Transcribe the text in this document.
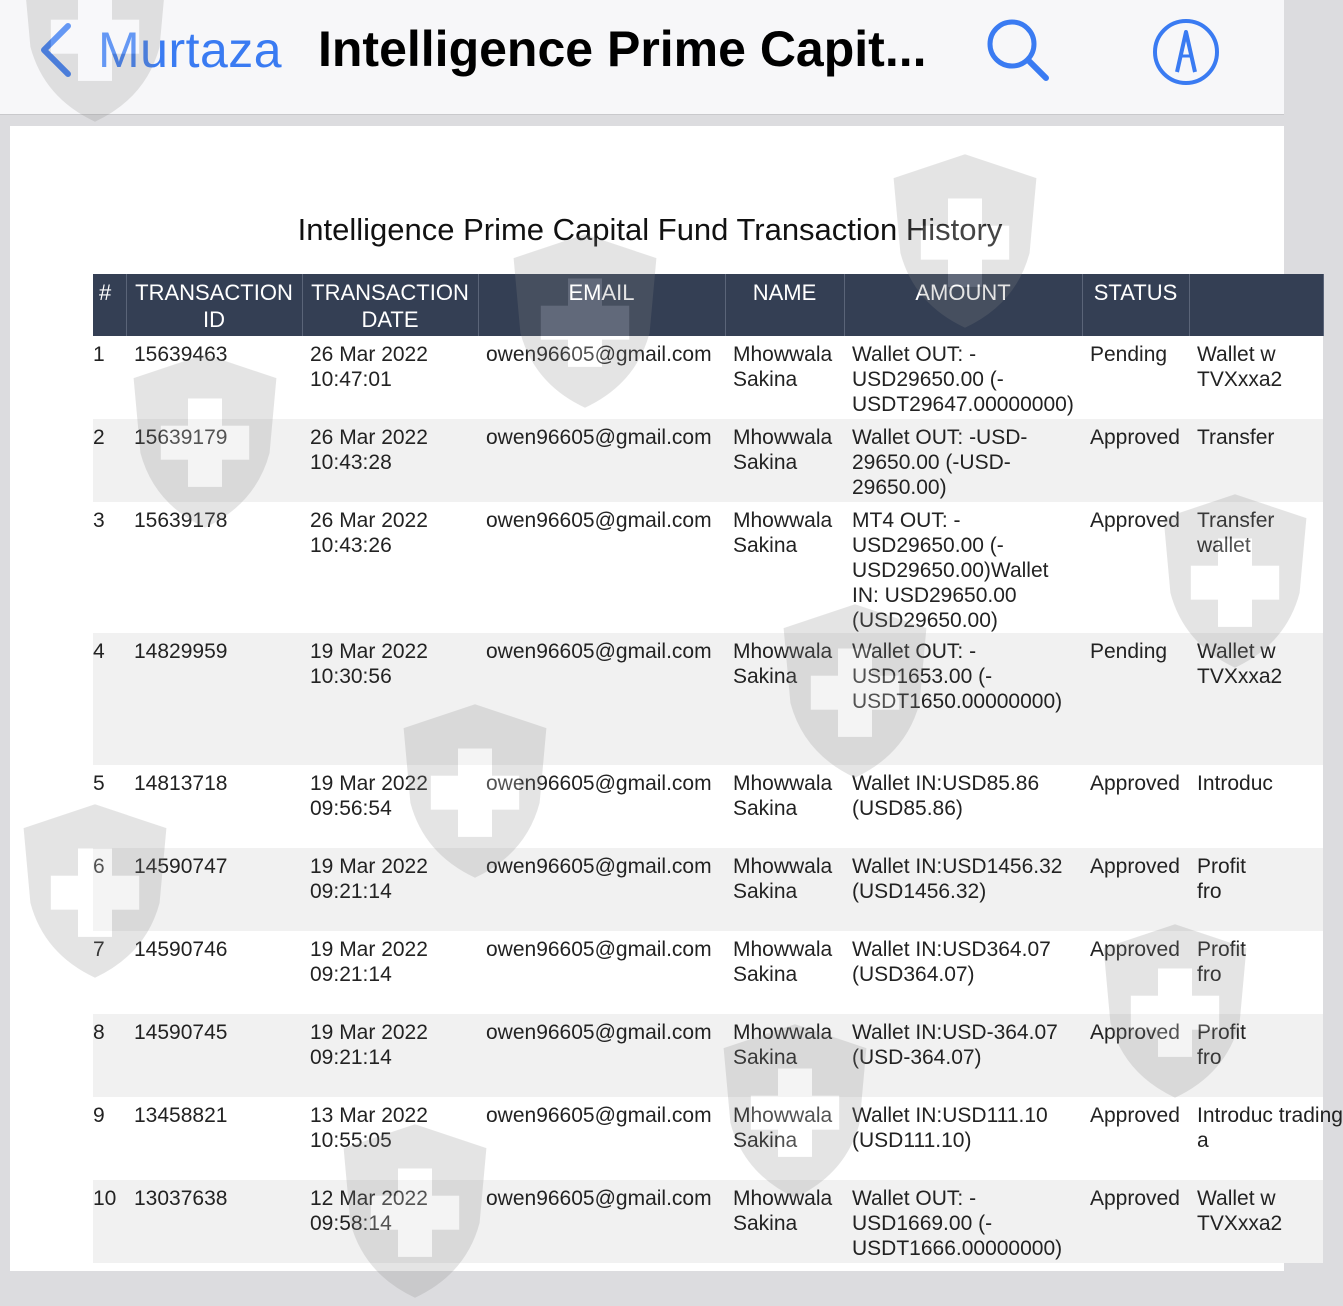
Murtaza Intelligence Prime Capit...
Intelligence Prime Capital Fund Transaction History
#	TRANSACTION ID	TRANSACTION DATE	EMAIL	NAME	AMOUNT	STATUS	
1	15639463	26 Mar 2022 10:47:01	owen96605@gmail.com	Mhowwala Sakina	Wallet OUT: -USD29650.00 (-USDT29647.00000000)	Pending	Wallet w
TVXxxa2
2	15639179	26 Mar 2022 10:43:28	owen96605@gmail.com	Mhowwala Sakina	Wallet OUT: -USD-29650.00 (-USD-29650.00)	Approved	Transfer
3	15639178	26 Mar 2022 10:43:26	owen96605@gmail.com	Mhowwala Sakina	MT4 OUT: -USD29650.00 (-USD29650.00)Wallet IN: USD29650.00 (USD29650.00)	Approved	Transfer
wallet
4	14829959	19 Mar 2022 10:30:56	owen96605@gmail.com	Mhowwala Sakina	Wallet OUT: -USD1653.00 (-USDT1650.00000000)	Pending	Wallet w
TVXxxa2
5	14813718	19 Mar 2022 09:56:54	owen96605@gmail.com	Mhowwala Sakina	Wallet IN:USD85.86 (USD85.86)	Approved	Introduc
6	14590747	19 Mar 2022 09:21:14	owen96605@gmail.com	Mhowwala Sakina	Wallet IN:USD1456.32 (USD1456.32)	Approved	Profit
fro
7	14590746	19 Mar 2022 09:21:14	owen96605@gmail.com	Mhowwala Sakina	Wallet IN:USD364.07 (USD364.07)	Approved	Profit
fro
8	14590745	19 Mar 2022 09:21:14	owen96605@gmail.com	Mhowwala Sakina	Wallet IN:USD-364.07 (USD-364.07)	Approved	Profit
fro
9	13458821	13 Mar 2022 10:55:05	owen96605@gmail.com	Mhowwala Sakina	Wallet IN:USD111.10 (USD111.10)	Approved	Introduc trading
a
10	13037638	12 Mar 2022 09:58:14	owen96605@gmail.com	Mhowwala Sakina	Wallet OUT: -USD1669.00 (-USDT1666.00000000)	Approved	Wallet w
TVXxxa2
